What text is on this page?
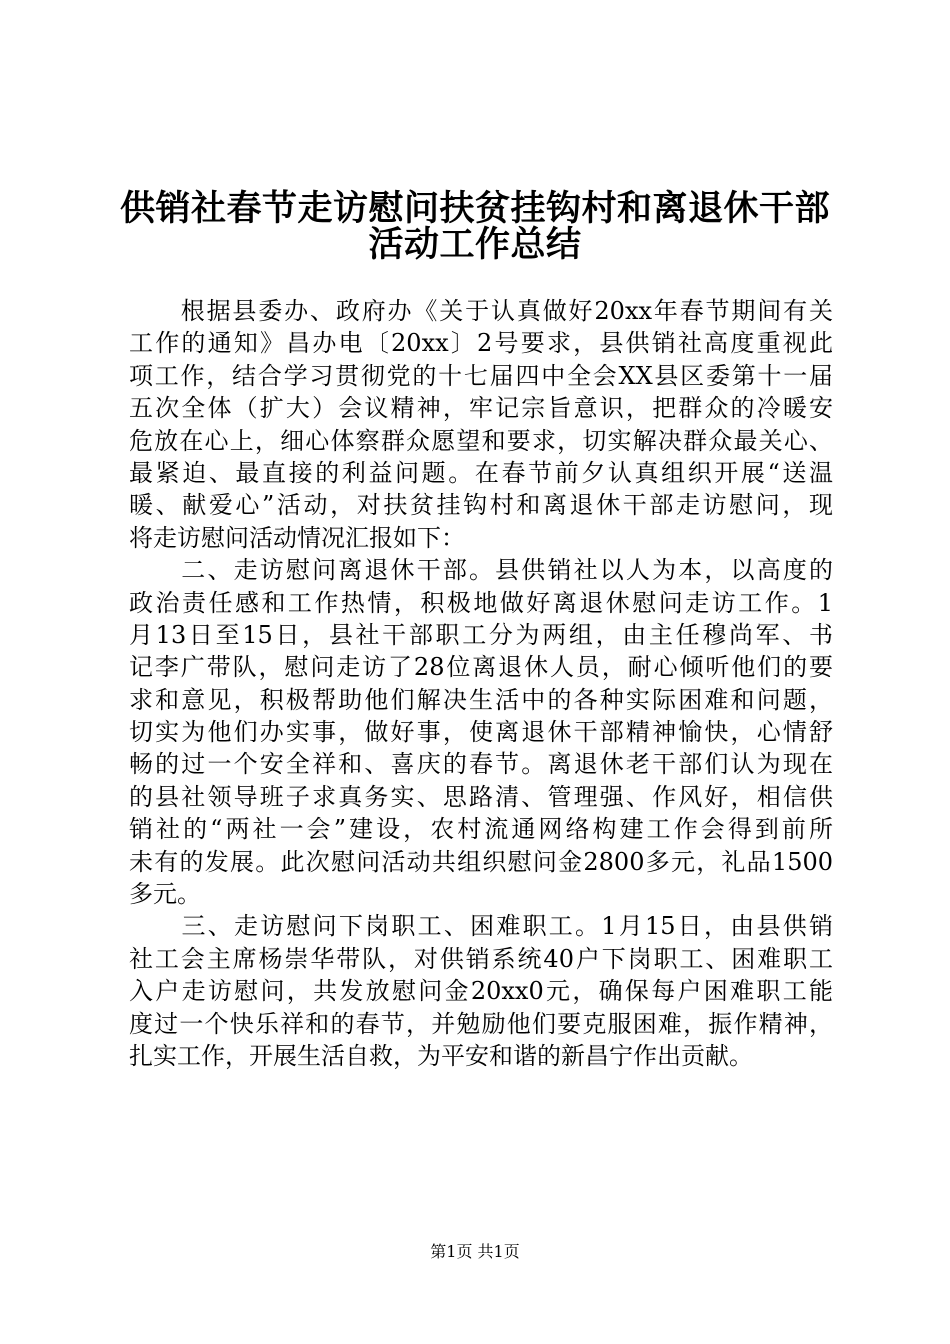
供销社春节走访慰问扶贫挂钩村和离退休干部
活动工作总结
　　根据县委办、政府办《关于认真做好20xx年春节期间有关
工作的通知》昌办电〔20xx〕2号要求，县供销社高度重视此
项工作，结合学习贯彻党的十七届四中全会XX县区委第十一届
五次全体（扩大）会议精神，牢记宗旨意识，把群众的冷暖安
危放在心上，细心体察群众愿望和要求，切实解决群众最关心、
最紧迫、最直接的利益问题。在春节前夕认真组织开展“送温
暖、献爱心”活动，对扶贫挂钩村和离退休干部走访慰问，现
将走访慰问活动情况汇报如下：
　　二、走访慰问离退休干部。县供销社以人为本，以高度的
政治责任感和工作热情，积极地做好离退休慰问走访工作。1
月13日至15日，县社干部职工分为两组，由主任穆尚军、书
记李广带队，慰问走访了28位离退休人员，耐心倾听他们的要
求和意见，积极帮助他们解决生活中的各种实际困难和问题，
切实为他们办实事，做好事，使离退休干部精神愉快，心情舒
畅的过一个安全祥和、喜庆的春节。离退休老干部们认为现在
的县社领导班子求真务实、思路清、管理强、作风好，相信供
销社的“两社一会”建设，农村流通网络构建工作会得到前所
未有的发展。此次慰问活动共组织慰问金2800多元，礼品1500
多元。
　　三、走访慰问下岗职工、困难职工。1月15日，由县供销
社工会主席杨崇华带队，对供销系统40户下岗职工、困难职工
入户走访慰问，共发放慰问金20xx0元，确保每户困难职工能
度过一个快乐祥和的春节，并勉励他们要克服困难，振作精神，
扎实工作，开展生活自救，为平安和谐的新昌宁作出贡献。
第1页 共1页
